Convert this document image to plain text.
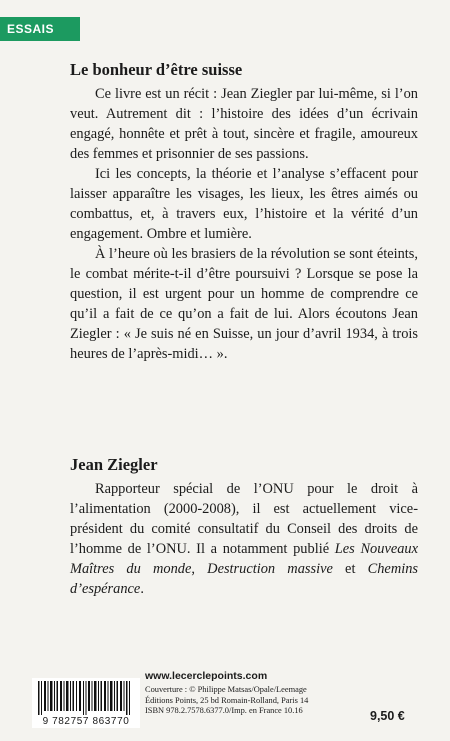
ESSAIS
Le bonheur d’être suisse

Ce livre est un récit : Jean Ziegler par lui-même, si l’on veut. Autrement dit : l’histoire des idées d’un écrivain engagé, honnête et prêt à tout, sincère et fragile, amoureux des femmes et prisonnier de ses passions.

Ici les concepts, la théorie et l’analyse s’effacent pour laisser apparaître les visages, les lieux, les êtres aimés ou combattus, et, à travers eux, l’histoire et la vérité d’un engagement. Ombre et lumière.

À l’heure où les brasiers de la révolution se sont éteints, le combat mérite-t-il d’être poursuivi ? Lorsque se pose la question, il est urgent pour un homme de comprendre ce qu’il a fait de ce qu’on a fait de lui. Alors écoutons Jean Ziegler : « Je suis né en Suisse, un jour d’avril 1934, à trois heures de l’après-midi… ».

Jean Ziegler

Rapporteur spécial de l’ONU pour le droit à l’alimentation (2000-2008), il est actuellement vice-président du comité consultatif du Conseil des droits de l’homme de l’ONU. Il a notamment publié Les Nouveaux Maîtres du monde, Destruction massive et Chemins d’espérance.

www.lecerclepoints.com
9 782757 863770
Couverture : © Philippe Matsas/Opale/Leemage
Éditions Points, 25 bd Romain-Rolland, Paris 14
ISBN 978.2.7578.6377.0/Imp. en France 10.16	9,50 €
